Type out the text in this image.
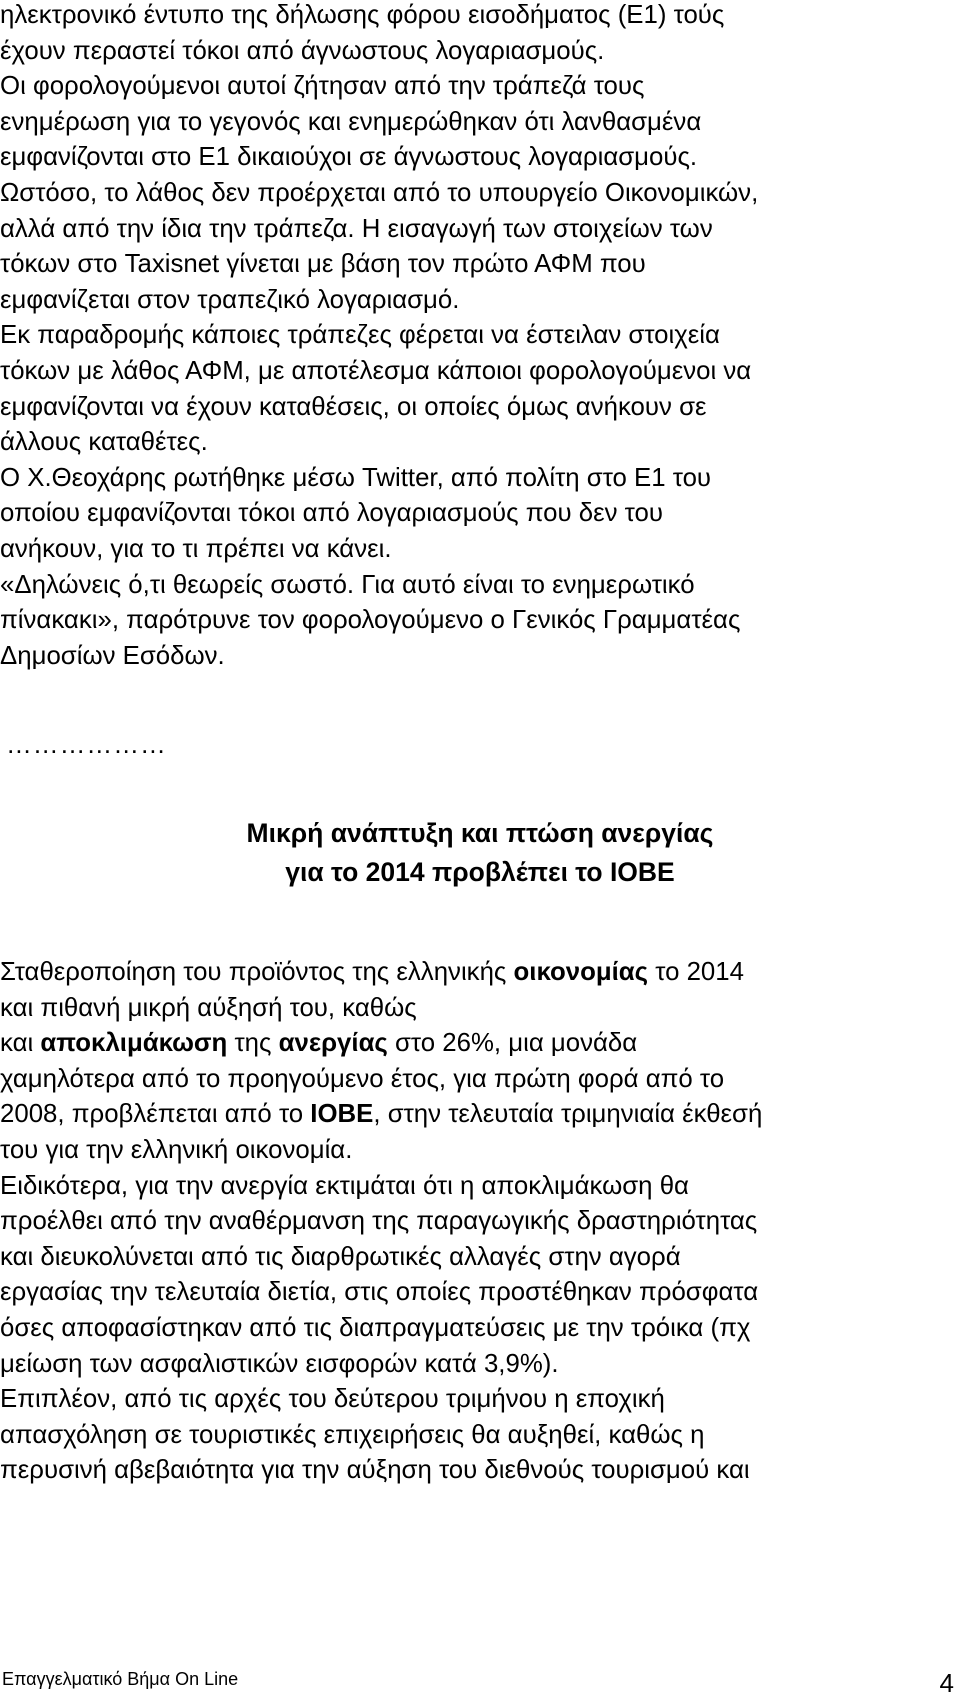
ηλεκτρονικό έντυπο της δήλωσης φόρου εισοδήματος (Ε1) τούς
έχουν περαστεί τόκοι από άγνωστους λογαριασμούς.
Οι φορολογούμενοι αυτοί ζήτησαν από την τράπεζά τους
ενημέρωση για το γεγονός και ενημερώθηκαν ότι λανθασμένα
εμφανίζονται στο Ε1 δικαιούχοι σε άγνωστους λογαριασμούς.
Ωστόσο, το λάθος δεν προέρχεται από το υπουργείο Οικονομικών,
αλλά από την ίδια την τράπεζα. Η εισαγωγή των στοιχείων των
τόκων στο Taxisnet γίνεται με βάση τον πρώτο ΑΦΜ που
εμφανίζεται στον τραπεζικό λογαριασμό.
Εκ παραδρομής κάποιες τράπεζες φέρεται να έστειλαν στοιχεία
τόκων με λάθος ΑΦΜ, με αποτέλεσμα κάποιοι φορολογούμενοι να
εμφανίζονται να έχουν καταθέσεις, οι οποίες όμως ανήκουν σε
άλλους καταθέτες.
Ο Χ.Θεοχάρης ρωτήθηκε μέσω Twitter, από πολίτη στο Ε1 του
οποίου εμφανίζονται τόκοι από λογαριασμούς που δεν του
ανήκουν, για το τι πρέπει να κάνει.
«Δηλώνεις ό,τι θεωρείς σωστό. Για αυτό είναι το ενημερωτικό
πίνακακι», παρότρυνε τον φορολογούμενο ο Γενικός Γραμματέας
Δημοσίων Εσόδων.
………………
Μικρή ανάπτυξη και πτώση ανεργίας
για το 2014 προβλέπει το ΙΟΒΕ
Σταθεροποίηση του προϊόντος της ελληνικής οικονομίας το 2014
και πιθανή μικρή αύξησή του, καθώς
και αποκλιμάκωση της ανεργίας στο 26%, μια μονάδα
χαμηλότερα από το προηγούμενο έτος, για πρώτη φορά από το
2008, προβλέπεται από το ΙΟΒΕ, στην τελευταία τριμηνιαία έκθεσή
του για την ελληνική οικονομία.
Ειδικότερα, για την ανεργία εκτιμάται ότι η αποκλιμάκωση θα
προέλθει από την αναθέρμανση της παραγωγικής δραστηριότητας
και διευκολύνεται από τις διαρθρωτικές αλλαγές στην αγορά
εργασίας την τελευταία διετία, στις οποίες προστέθηκαν πρόσφατα
όσες αποφασίστηκαν από τις διαπραγματεύσεις με την τρόικα (πχ
μείωση των ασφαλιστικών εισφορών κατά 3,9%).
Επιπλέον, από τις αρχές του δεύτερου τριμήνου η εποχική
απασχόληση σε τουριστικές επιχειρήσεις θα αυξηθεί, καθώς η
περυσινή αβεβαιότητα για την αύξηση του διεθνούς τουρισμού και
Επαγγελματικό Βήμα On Line	4
